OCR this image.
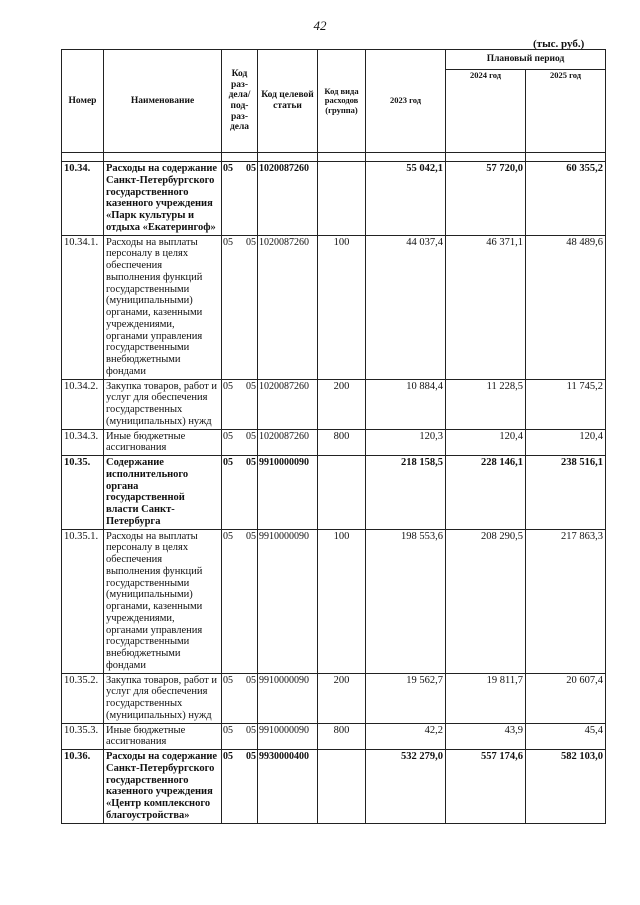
42
(тыс. руб.)
Номер	Наименование	Код раз-дела/ под-раз-дела	Код целевой статьи	Код вида расходов (группа)	2023 год	Плановый период	
						2024 год	2025 год

10.34.	Расходы на содержание Санкт-Петербургского государственного казенного учреждения «Парк культуры и отдыха «Екатерингоф»	05 05	1020087260		55 042,1	57 720,0	60 355,2
10.34.1.	Расходы на выплаты персоналу в целях обеспечения выполнения функций государственными (муниципальными) органами, казенными учреждениями, органами управления государственными внебюджетными фондами	05 05	1020087260	100	44 037,4	46 371,1	48 489,6
10.34.2.	Закупка товаров, работ и услуг для обеспечения государственных (муниципальных) нужд	05 05	1020087260	200	10 884,4	11 228,5	11 745,2
10.34.3.	Иные бюджетные ассигнования	05 05	1020087260	800	120,3	120,4	120,4
10.35.	Содержание исполнительного органа государственной власти Санкт-Петербурга	05 05	9910000090		218 158,5	228 146,1	238 516,1
10.35.1.	Расходы на выплаты персоналу в целях обеспечения выполнения функций государственными (муниципальными) органами, казенными учреждениями, органами управления государственными внебюджетными фондами	05 05	9910000090	100	198 553,6	208 290,5	217 863,3
10.35.2.	Закупка товаров, работ и услуг для обеспечения государственных (муниципальных) нужд	05 05	9910000090	200	19 562,7	19 811,7	20 607,4
10.35.3.	Иные бюджетные ассигнования	05 05	9910000090	800	42,2	43,9	45,4
10.36.	Расходы на содержание Санкт-Петербургского государственного казенного учреждения «Центр комплексного благоустройства»	05 05	9930000400		532 279,0	557 174,6	582 103,0
